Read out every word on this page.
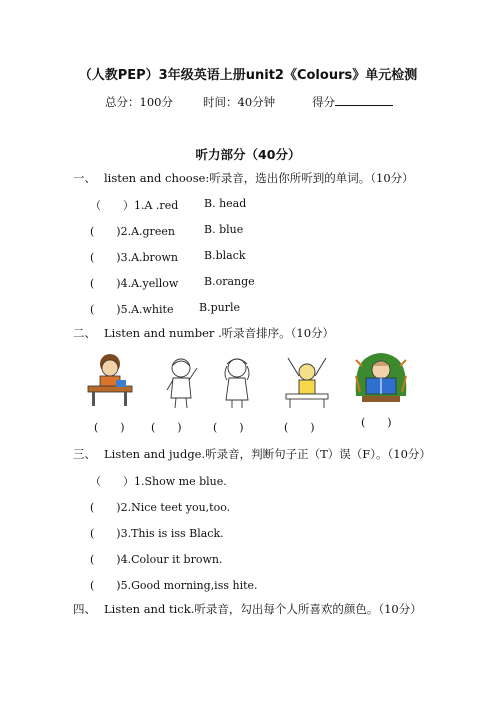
（人教PEP）3年级英语上册unit2《Colours》单元检测
总分：100分	时间：40分钟	得分
听力部分（40分）
一、 listen and choose:听录音，选出你所听到的单词。（10分）
（　　）1.A .red B. head
(　　)2.A.green	B. blue
(　　)3.A.brown B.black
(　　)4.A.yellow B.orange
(　　)5.A.white B.purle
二、 Listen and number .听录音排序。（10分）
(　　) (　　)	(　　)	(　　)	(　　)
三、 Listen and judge.听录音，判断句子正（T）误（F）。（10分）
（　　）1.Show me blue.
(　　)2.Nice teet you,too.
(　　)3.This is iss Black.
(　　)4.Colour it brown.
(　　)5.Good morning,iss hite.
四、 Listen and tick.听录音，勾出每个人所喜欢的颜色。（10分）
